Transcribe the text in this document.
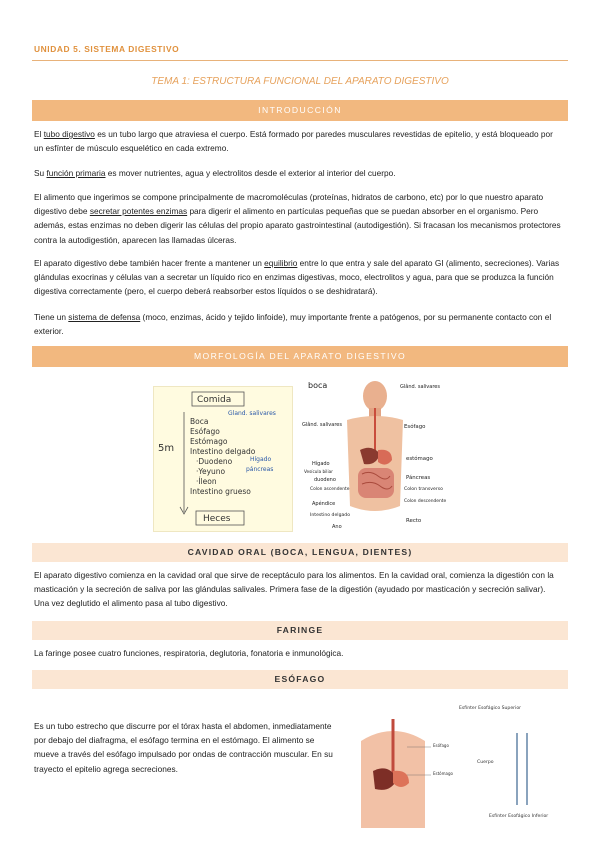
UNIDAD 5. SISTEMA DIGESTIVO
TEMA 1: ESTRUCTURA FUNCIONAL DEL APARATO DIGESTIVO
INTRODUCCIÓN

El tubo digestivo es un tubo largo que atraviesa el cuerpo. Está formado por paredes musculares revestidas de epitelio, y está bloqueado por un esfínter de músculo esquelético en cada extremo.

Su función primaria es mover nutrientes, agua y electrolitos desde el exterior al interior del cuerpo.

El alimento que ingerimos se compone principalmente de macromoléculas (proteínas, hidratos de carbono, etc) por lo que nuestro aparato digestivo debe secretar potentes enzimas para digerir el alimento en partículas pequeñas que se puedan absorber en el organismo. Pero además, estas enzimas no deben digerir las células del propio aparato gastrointestinal (autodigestión). Si fracasan los mecanismos protectores contra la autodigestión, aparecen las llamadas úlceras.

El aparato digestivo debe también hacer frente a mantener un equilibrio entre lo que entra y sale del aparato GI (alimento, secreciones). Varias glándulas exocrinas y células van a secretar un líquido rico en enzimas digestivas, moco, electrolitos y agua, para que se produzca la función digestiva correctamente (pero, el cuerpo deberá reabsorber estos líquidos o se deshidratará).

Tiene un sistema de defensa (moco, enzimas, ácido y tejido linfoide), muy importante frente a patógenos, por su permanente contacto con el exterior.

MORFOLOGÍA DEL APARATO DIGESTIVO
Comida
5m
Gland. salivares
Boca
Esófago
Estómago
Intestino delgado
·Duodeno
·Yeyuno
·Íleon
Intestino grueso
Hígado
páncreas
Heces
boca
Glând. salivares
Hígado
Vesícula biliar
duodeno
Colon ascendente
Apéndice
Intestino delgado
Ano
Glând. salivares
Esófago
estómago
Páncreas
Colon transverso
Colon descendente
Recto
CAVIDAD ORAL (BOCA, LENGUA, DIENTES)

El aparato digestivo comienza en la cavidad oral que sirve de receptáculo para los alimentos. En la cavidad oral, comienza la digestión con la masticación y la secreción de saliva por las glándulas salivales. Primera fase de la digestión (ayudado por masticación y secreción salivar). Una vez deglutido el alimento pasa al tubo digestivo.

FARINGE

La faringe posee cuatro funciones, respiratoria, deglutoria, fonatoria e inmunológica.

ESÓFAGO

Es un tubo estrecho que discurre por el tórax hasta el abdomen, inmediatamente por debajo del diafragma, el esófago termina en el estómago. El alimento se mueve a través del esófago impulsado por ondas de contracción muscular. En su trayecto el epitelio agrega secreciones.

Esófago
Estómago
Esfínter Esofágico Superior
Cuerpo
Esfínter Esofágico Inferior
